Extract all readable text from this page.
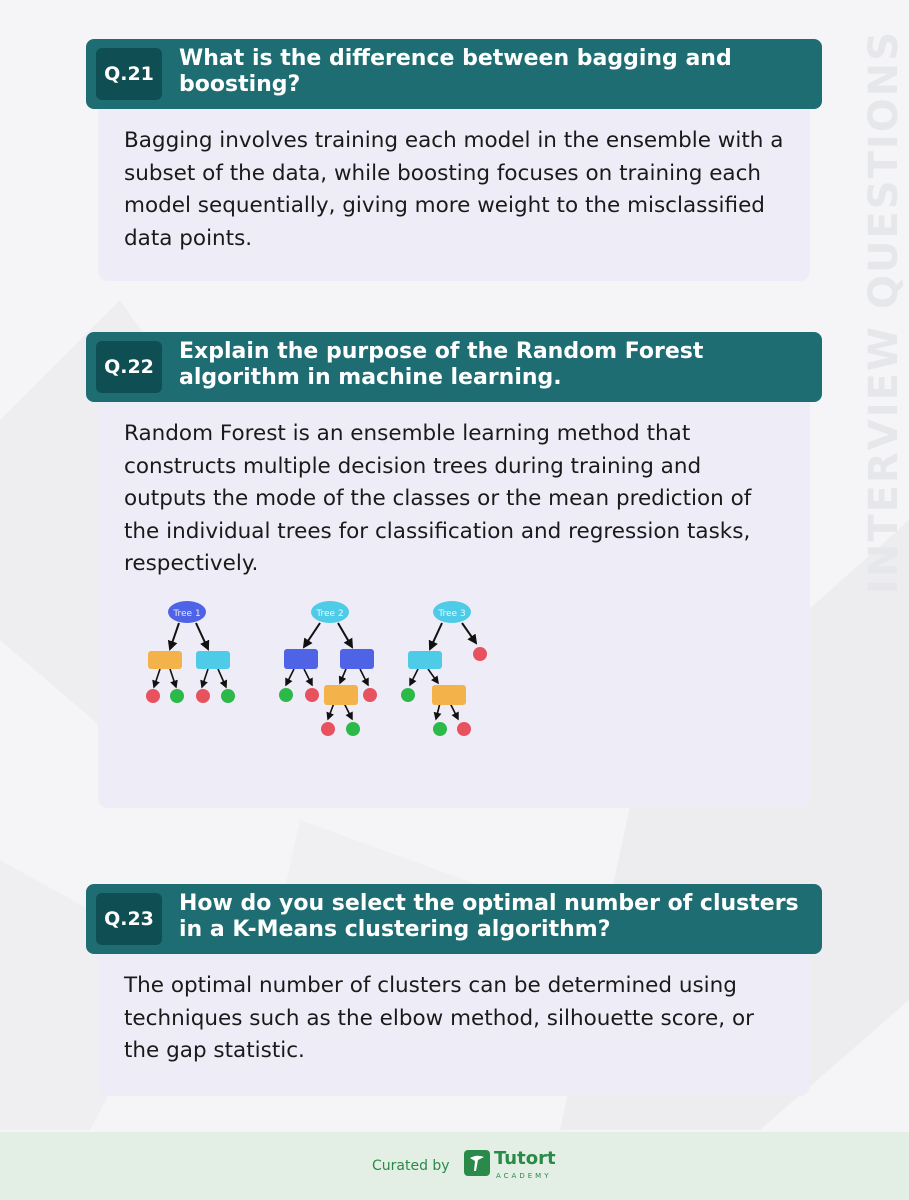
INTERVIEW QUESTIONS
Q.21
What is the difference between bagging and boosting?
Bagging involves training each model in the ensemble with a subset of the data, while boosting focuses on training each model sequentially, giving more weight to the misclassified data points.
Q.22
Explain the purpose of the Random Forest algorithm in machine learning.
Random Forest is an ensemble learning method that constructs multiple decision trees during training and outputs the mode of the classes or the mean prediction of the individual trees for classification and regression tasks, respectively.
Tree 1	Tree 2	Tree 3
Q.23
How do you select the optimal number of clusters in a K-Means clustering algorithm?
The optimal number of clusters can be determined using techniques such as the elbow method, silhouette score, or the gap statistic.
Curated by Tutort
ACADEMY
